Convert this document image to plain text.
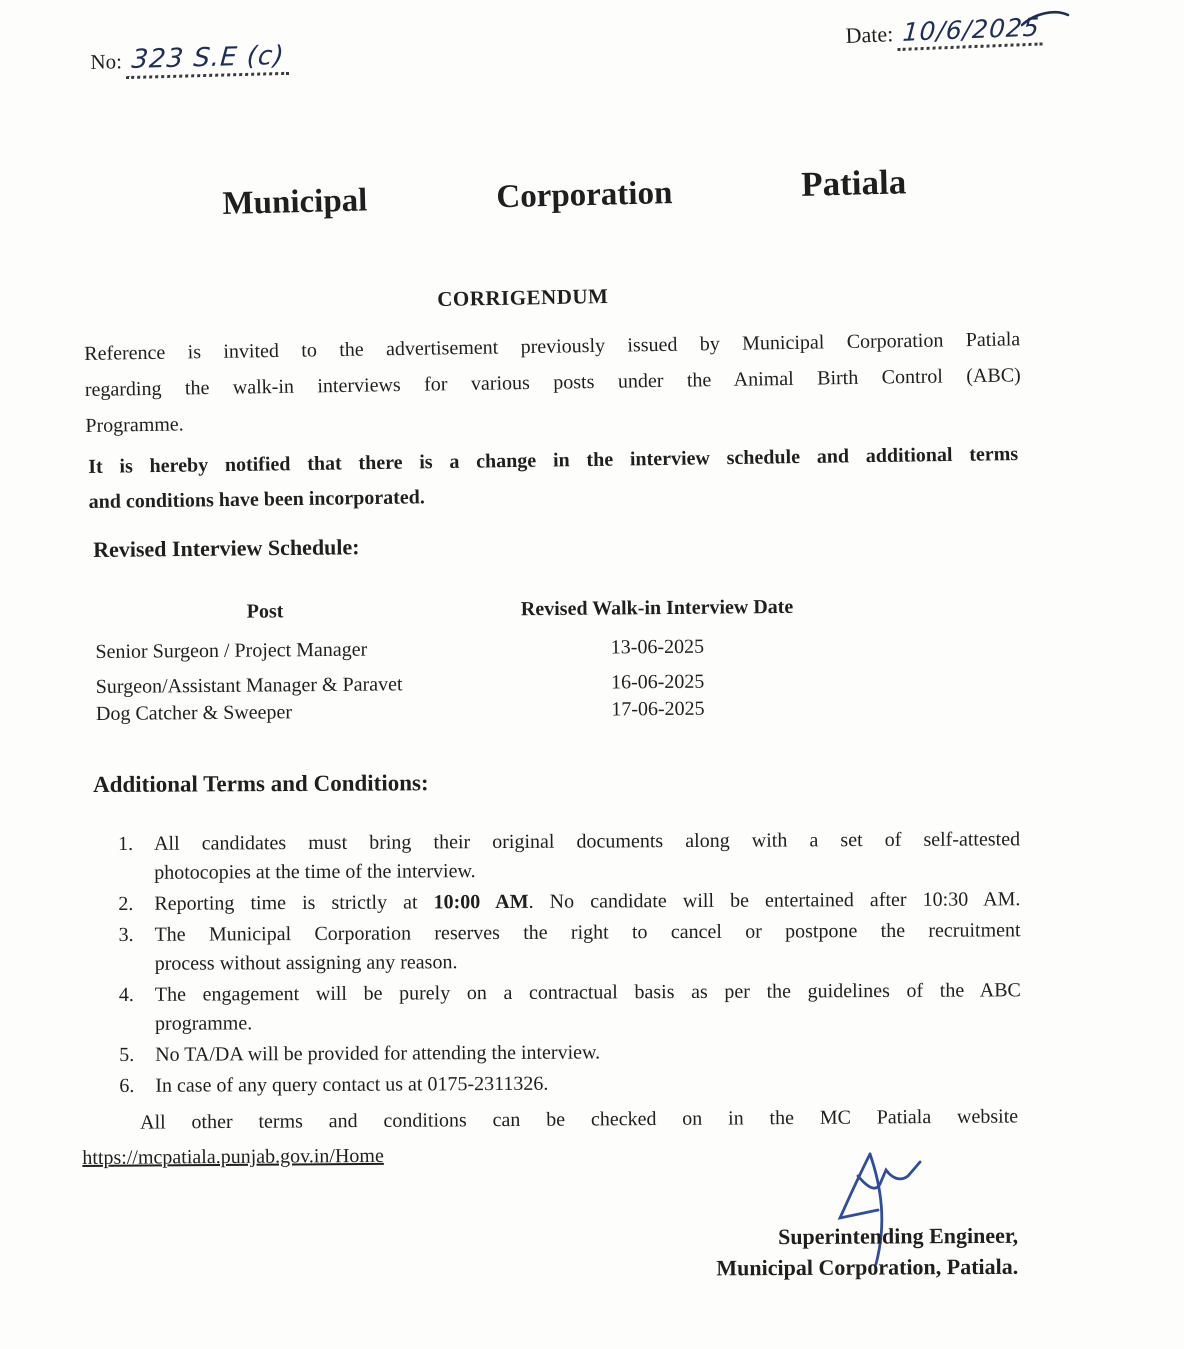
No: 323 S.E (c)
Date: 10/6/2025
Municipal	Corporation	Patiala
CORRIGENDUM
Reference is invited to the advertisement previously issued by Municipal Corporation Patiala
regarding the walk-in interviews for various posts under the Animal Birth Control (ABC)
Programme.
It is hereby notified that there is a change in the interview schedule and additional terms
and conditions have been incorporated.
Revised Interview Schedule:
Post	Revised Walk-in Interview Date
Senior Surgeon / Project Manager	13-06-2025
Surgeon/Assistant Manager & Paravet	16-06-2025
Dog Catcher & Sweeper	17-06-2025
Additional Terms and Conditions:
1.	All candidates must bring their original documents along with a set of self-attested
photocopies at the time of the interview.
2.	Reporting time is strictly at 10:00 AM. No candidate will be entertained after 10:30 AM.
3.	The Municipal Corporation reserves the right to cancel or postpone the recruitment
process without assigning any reason.
4.	The engagement will be purely on a contractual basis as per the guidelines of the ABC
programme.
5.	No TA/DA will be provided for attending the interview.
6.	In case of any query contact us at 0175-2311326.
All other terms and conditions can be checked on in the MC Patiala website
https://mcpatiala.punjab.gov.in/Home
Superintending Engineer,
Municipal Corporation, Patiala.
